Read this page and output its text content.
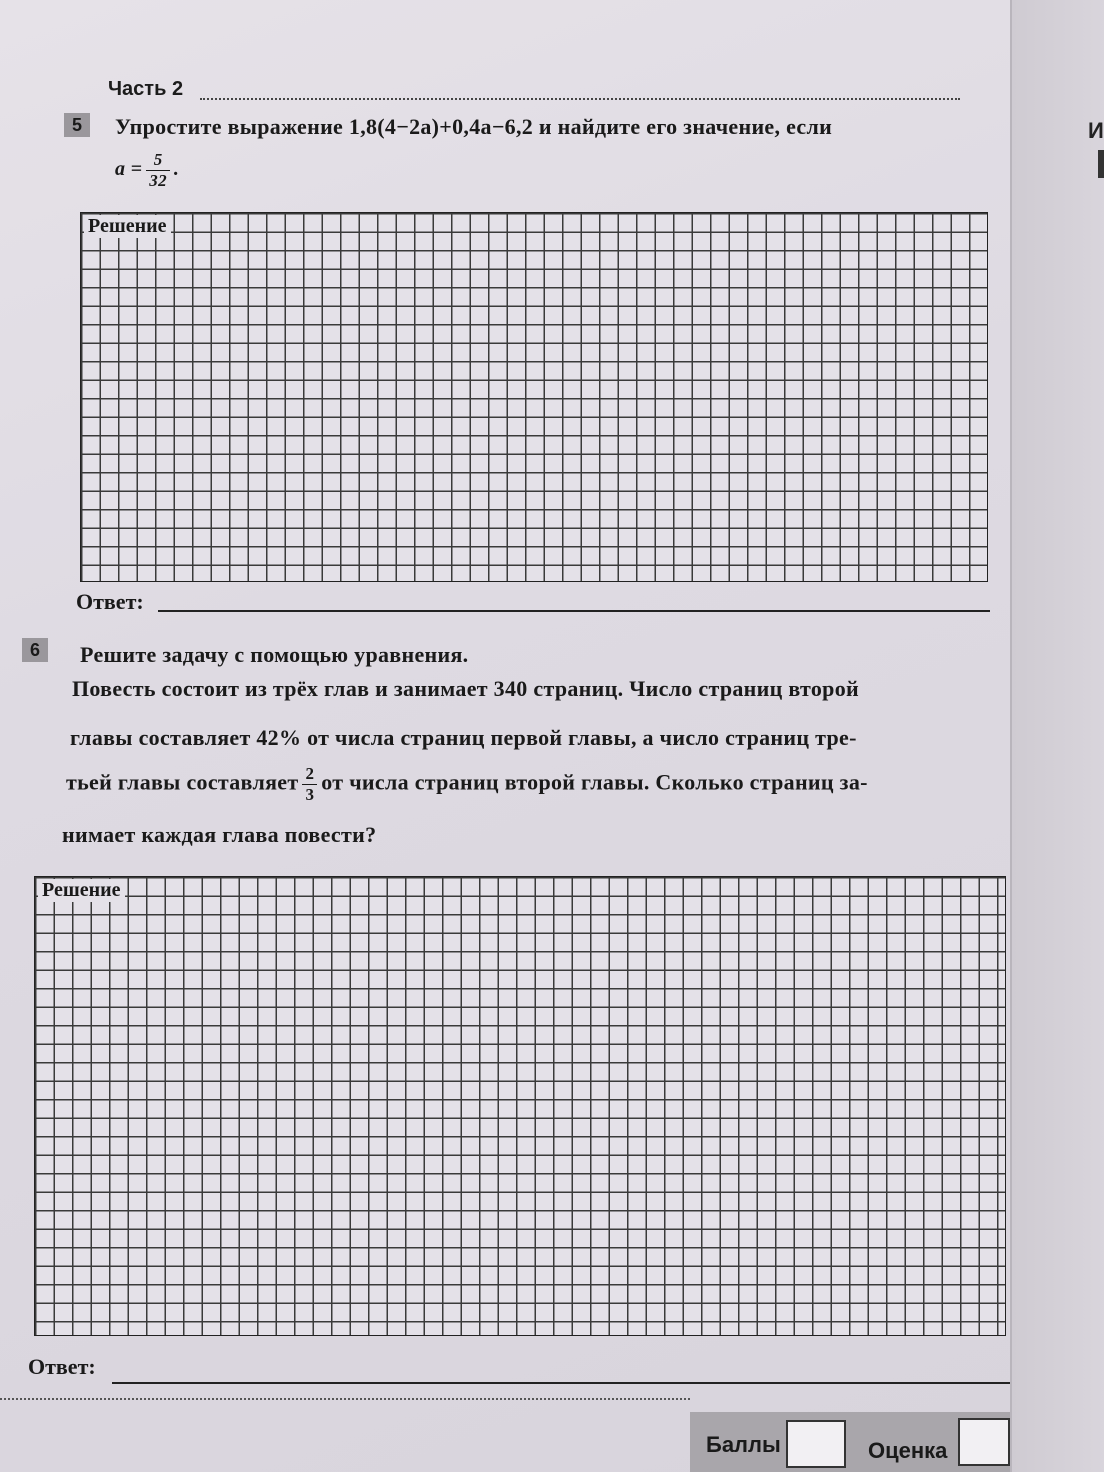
Часть 2
5	Упростите выражение 1,8(4−2a)+0,4a−6,2 и найдите его значение, если
$a = \frac{5}{32}$ .
Решение
Ответ:
6	Решите задачу с помощью уравнения.
Повесть состоит из трёх глав и занимает 340 страниц. Число страниц второй
главы составляет 42% от числа страниц первой главы, а число страниц тре-
тьей главы составляет $\frac{2}{3}$ от числа страниц второй главы. Сколько страниц за-
нимает каждая глава повести?
Решение
Ответ:
Баллы	Оценка
И
